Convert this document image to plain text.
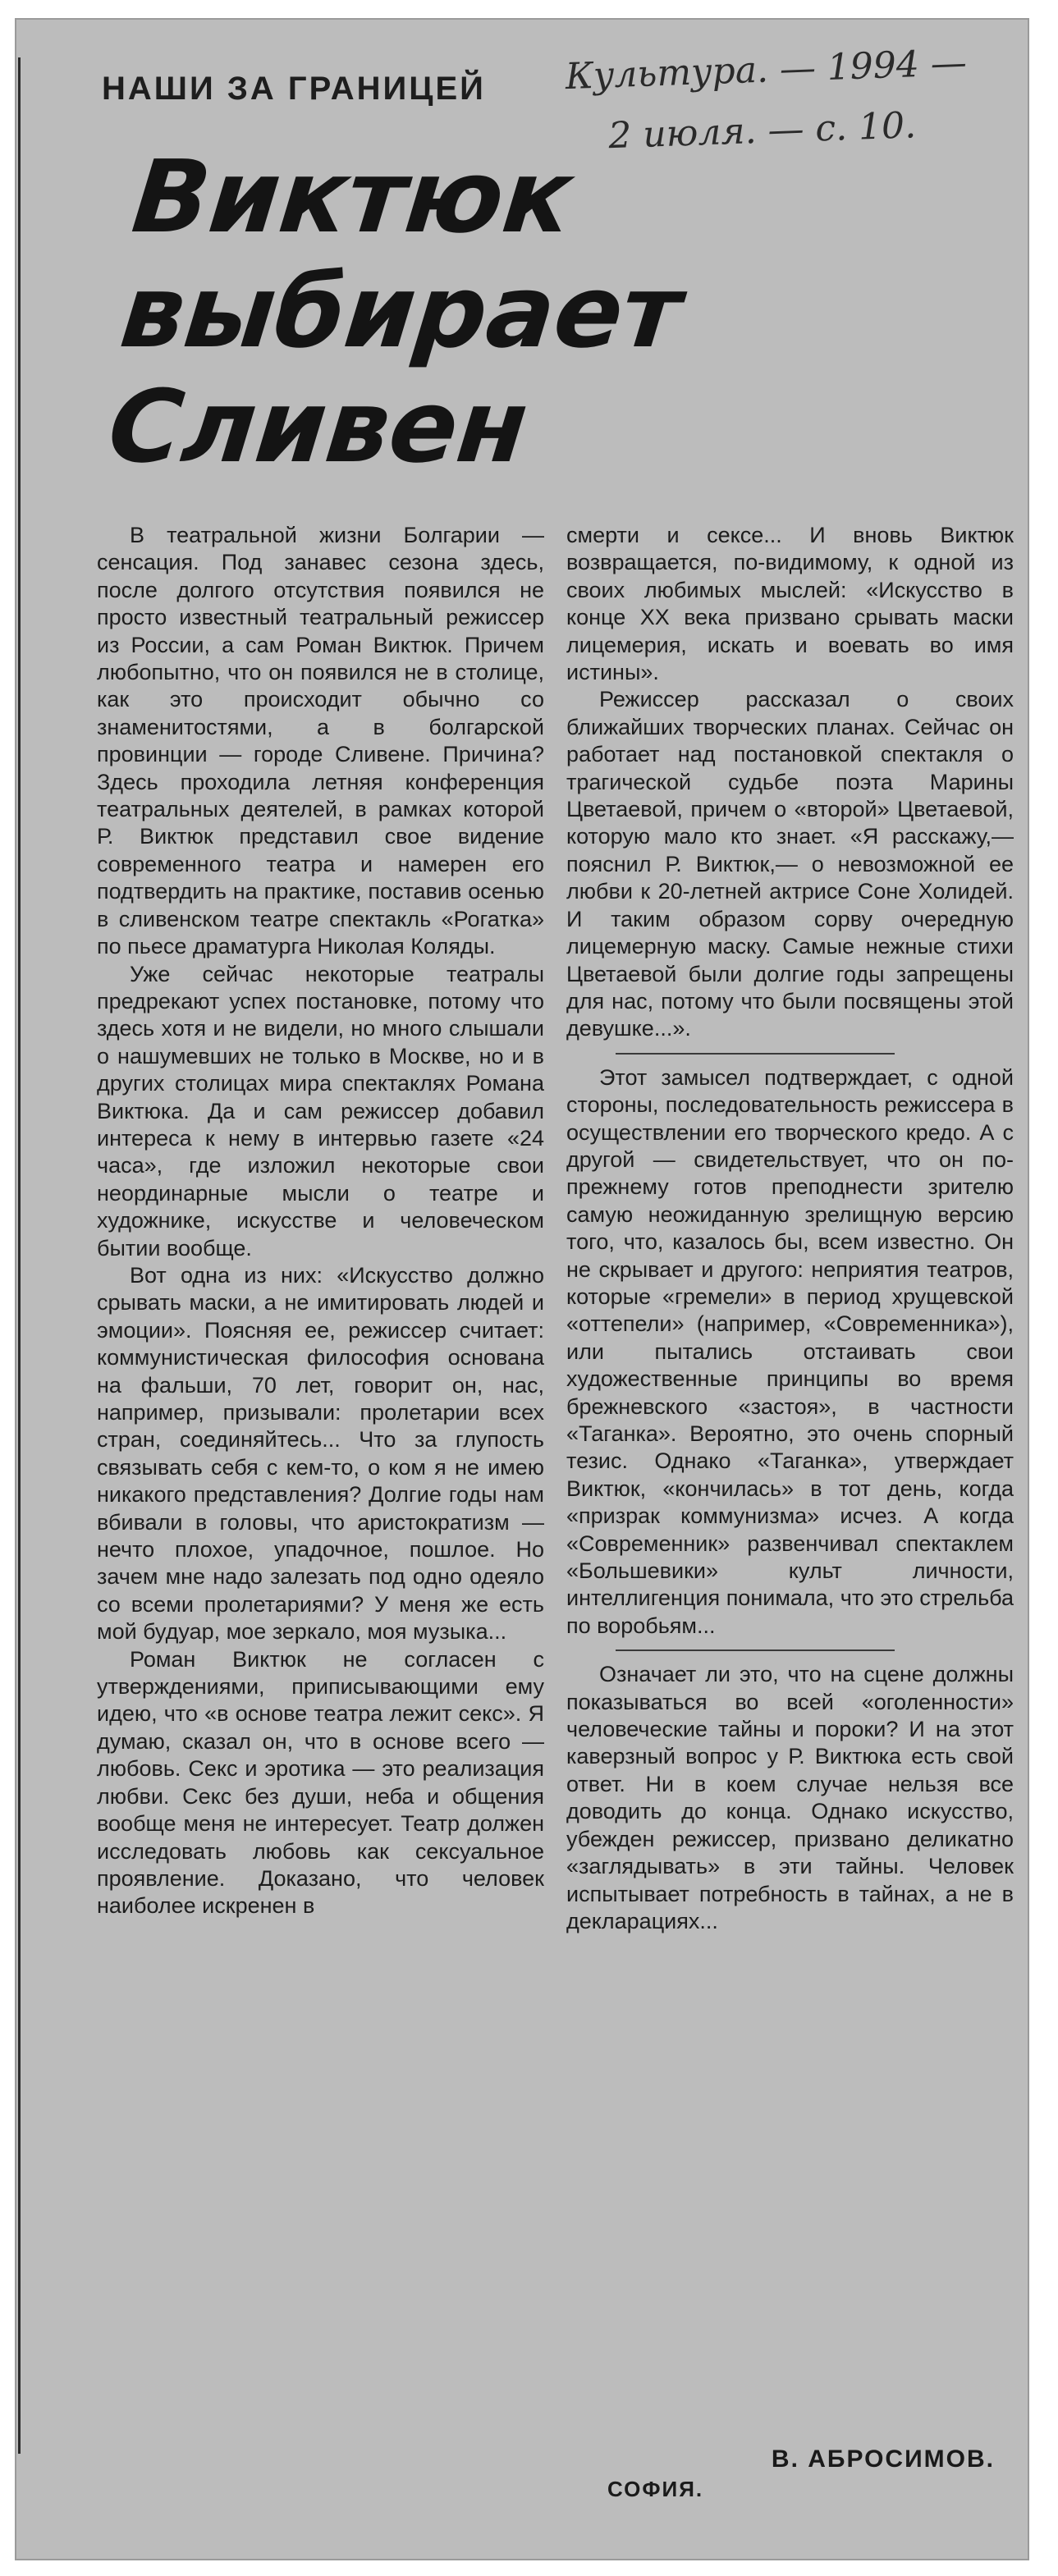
НАШИ ЗА ГРАНИЦЕЙ Культура. — 1994 —
2 июля. — с. 10.
Виктюк
выбирает
Сливен

В театральной жизни Болгарии — сенсация. Под занавес сезона здесь, после долгого отсутствия появился не просто известный театральный режиссер из России, а сам Роман Виктюк. Причем любопытно, что он появился не в столице, как это происходит обычно со знаменитостями, а в болгарской провинции — городе Сливене. Причина? Здесь проходила летняя конференция театральных деятелей, в рамках которой Р. Виктюк представил свое видение современного театра и намерен его подтвердить на практике, поставив осенью в сливенском театре спектакль «Рогатка» по пьесе драматурга Николая Коляды.

Уже сейчас некоторые театралы предрекают успех постановке, потому что здесь хотя и не видели, но много слышали о нашумевших не только в Москве, но и в других столицах мира спектаклях Романа Виктюка. Да и сам режиссер добавил интереса к нему в интервью газете «24 часа», где изложил некоторые свои неординарные мысли о театре и художнике, искусстве и человеческом бытии вообще.

Вот одна из них: «Искусство должно срывать маски, а не имитировать людей и эмоции». Поясняя ее, режиссер считает: коммунистическая философия основана на фальши, 70 лет, говорит он, нас, например, призывали: пролетарии всех стран, соединяйтесь... Что за глупость связывать себя с кем-то, о ком я не имею никакого представления? Долгие годы нам вбивали в головы, что аристократизм — нечто плохое, упадочное, пошлое. Но зачем мне надо залезать под одно одеяло со всеми пролетариями? У меня же есть мой будуар, мое зеркало, моя музыка...

Роман Виктюк не согласен с утверждениями, приписывающими ему идею, что «в основе театра лежит секс». Я думаю, сказал он, что в основе всего — любовь. Секс и эротика — это реализация любви. Секс без души, неба и общения вообще меня не интересует. Театр должен исследовать любовь как сексуальное проявление. Доказано, что человек наиболее искренен в

смерти и сексе... И вновь Виктюк возвращается, по-видимому, к одной из своих любимых мыслей: «Искусство в конце XX века призвано срывать маски лицемерия, искать и воевать во имя истины».

Режиссер рассказал о своих ближайших творческих планах. Сейчас он работает над постановкой спектакля о трагической судьбе поэта Марины Цветаевой, причем о «второй» Цветаевой, которую мало кто знает. «Я расскажу,— пояснил Р. Виктюк,— о невозможной ее любви к 20-летней актрисе Соне Холидей. И таким образом сорву очередную лицемерную маску. Самые нежные стихи Цветаевой были долгие годы запрещены для нас, потому что были посвящены этой девушке...».

Этот замысел подтверждает, с одной стороны, последовательность режиссера в осуществлении его творческого кредо. А с другой — свидетельствует, что он по-прежнему готов преподнести зрителю самую неожиданную зрелищную версию того, что, казалось бы, всем известно. Он не скрывает и другого: неприятия театров, которые «гремели» в период хрущевской «оттепели» (например, «Современника»), или пытались отстаивать свои художественные принципы во время брежневского «застоя», в частности «Таганка». Вероятно, это очень спорный тезис. Однако «Таганка», утверждает Виктюк, «кончилась» в тот день, когда «призрак коммунизма» исчез. А когда «Современник» развенчивал спектаклем «Большевики» культ личности, интеллигенция понимала, что это стрельба по воробьям...

Означает ли это, что на сцене должны показываться во всей «оголенности» человеческие тайны и пороки? И на этот каверзный вопрос у Р. Виктюка есть свой ответ. Ни в коем случае нельзя все доводить до конца. Однако искусство, убежден режиссер, призвано деликатно «заглядывать» в эти тайны. Человек испытывает потребность в тайнах, а не в декларациях...

В. АБРОСИМОВ.
СОФИЯ.
